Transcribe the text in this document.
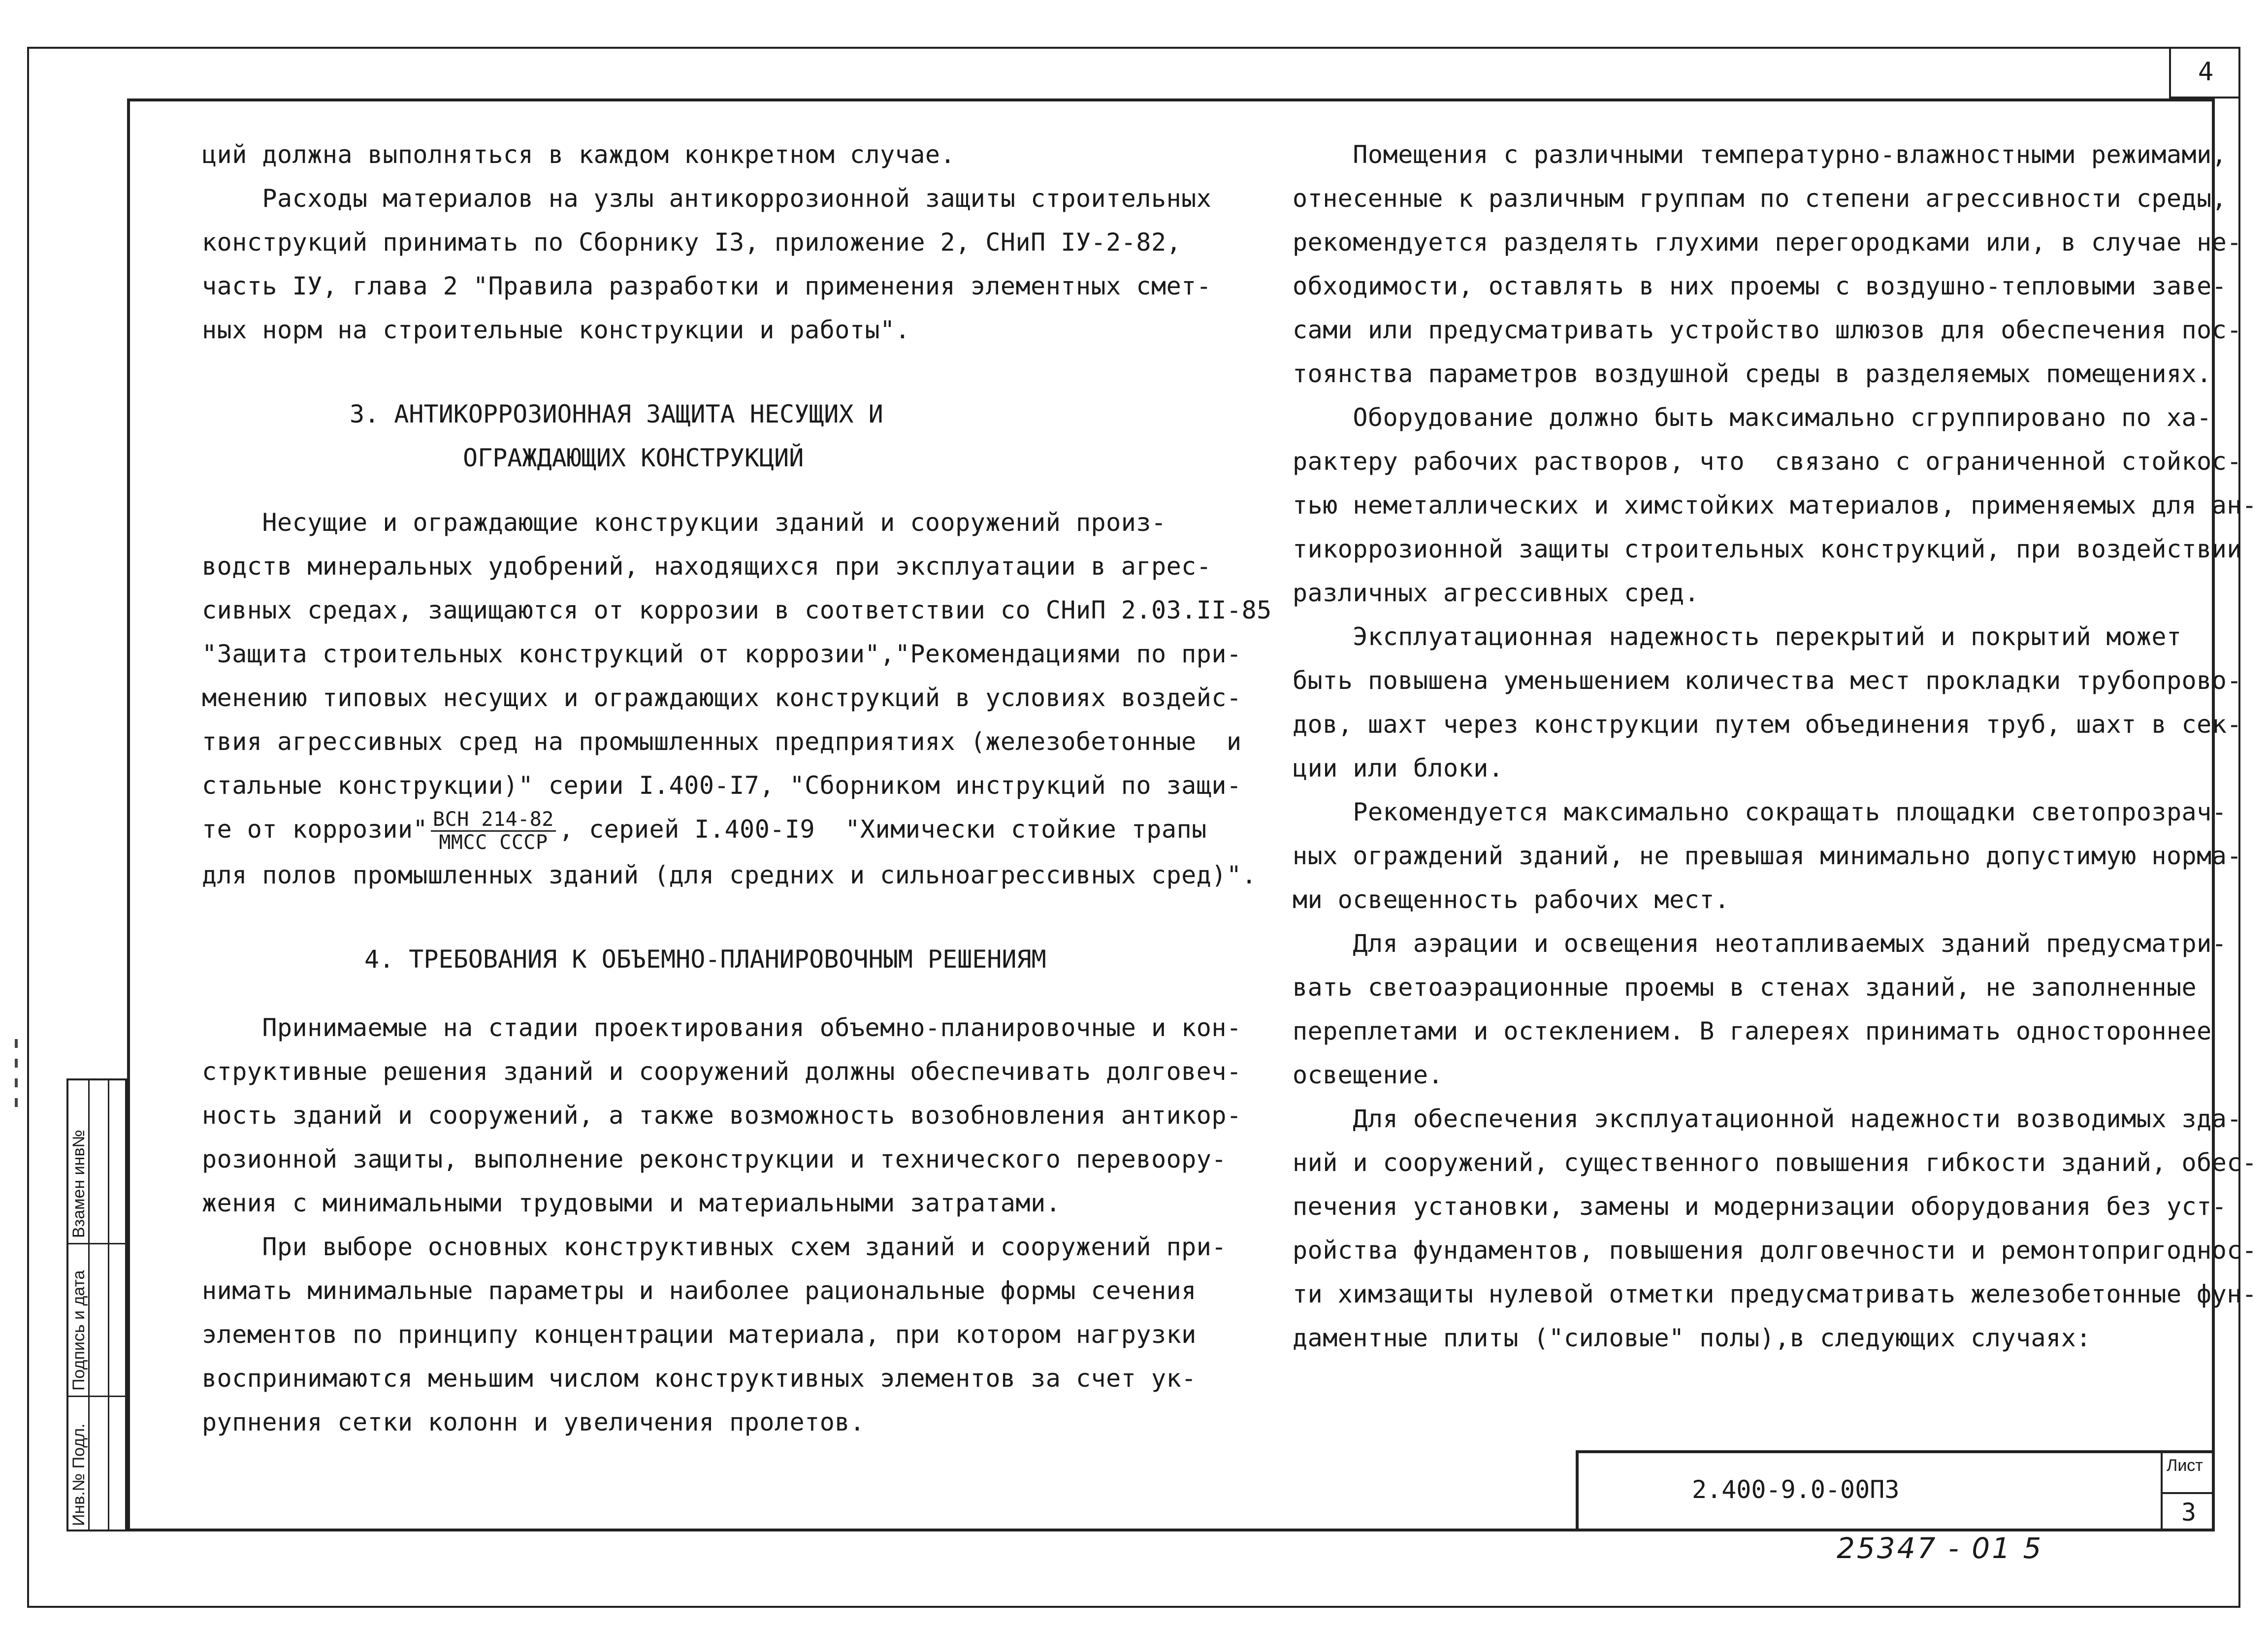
4
ций должна выполняться в каждом конкретном случае.
Расходы материалов на узлы антикоррозионной защиты строительных
конструкций принимать по Сборнику I3, приложение 2, СНиП IУ-2-82,
часть IУ, глава 2 "Правила разработки и применения элементных смет-
ных норм на строительные конструкции и работы".
3. АНТИКОРРОЗИОННАЯ ЗАЩИТА НЕСУЩИХ И
ОГРАЖДАЮЩИХ КОНСТРУКЦИЙ
Несущие и ограждающие конструкции зданий и сооружений произ-
водств минеральных удобрений, находящихся при эксплуатации в агрес-
сивных средах, защищаются от коррозии в соответствии со СНиП 2.03.II-85
"Защита строительных конструкций от коррозии","Рекомендациями по при-
менению типовых несущих и ограждающих конструкций в условиях воздейс-
твия агрессивных сред на промышленных предприятиях (железобетонные  и
стальные конструкции)" серии I.400-I7, "Сборником инструкций по защи-
те от коррозии" $\frac{\text{ВСН 214-82}}{\text{ММСС СССР}}$ , серией I.400-I9  "Химически стойкие трапы
для полов промышленных зданий (для средних и сильноагрессивных сред)".
4. ТРЕБОВАНИЯ К ОБЪЕМНО-ПЛАНИРОВОЧНЫМ РЕШЕНИЯМ
Принимаемые на стадии проектирования объемно-планировочные и кон-
структивные решения зданий и сооружений должны обеспечивать долговеч-
ность зданий и сооружений, а также возможность возобновления антикор-
розионной защиты, выполнение реконструкции и технического перевоору-
жения с минимальными трудовыми и материальными затратами.
При выборе основных конструктивных схем зданий и сооружений при-
нимать минимальные параметры и наиболее рациональные формы сечения
элементов по принципу концентрации материала, при котором нагрузки
воспринимаются меньшим числом конструктивных элементов за счет ук-
рупнения сетки колонн и увеличения пролетов.
Помещения с различными температурно-влажностными режимами,
отнесенные к различным группам по степени агрессивности среды,
рекомендуется разделять глухими перегородками или, в случае не-
обходимости, оставлять в них проемы с воздушно-тепловыми заве-
сами или предусматривать устройство шлюзов для обеспечения пос-
тоянства параметров воздушной среды в разделяемых помещениях.
Оборудование должно быть максимально сгруппировано по ха-
рактеру рабочих растворов, что  связано с ограниченной стойкос-
тью неметаллических и химстойких материалов, применяемых для ан-
тикоррозионной защиты строительных конструкций, при воздействии
различных агрессивных сред.
Эксплуатационная надежность перекрытий и покрытий может
быть повышена уменьшением количества мест прокладки трубопрово-
дов, шахт через конструкции путем объединения труб, шахт в сек-
ции или блоки.
Рекомендуется максимально сокращать площадки светопрозрач-
ных ограждений зданий, не превышая минимально допустимую норма-
ми освещенность рабочих мест.
Для аэрации и освещения неотапливаемых зданий предусматри-
вать светоаэрационные проемы в стенах зданий, не заполненные
переплетами и остеклением. В галереях принимать одностороннее
освещение.
Для обеспечения эксплуатационной надежности возводимых зда-
ний и сооружений, существенного повышения гибкости зданий, обес-
печения установки, замены и модернизации оборудования без уст-
ройства фундаментов, повышения долговечности и ремонтопригоднос-
ти химзащиты нулевой отметки предусматривать железобетонные фун-
даментные плиты ("силовые" полы),в следующих случаях:
Инв.№ Подл.
Подпись и дата
Взамен инв№
2.400-9.0-00ПЗ
Лист
3
25347 - 01 5
